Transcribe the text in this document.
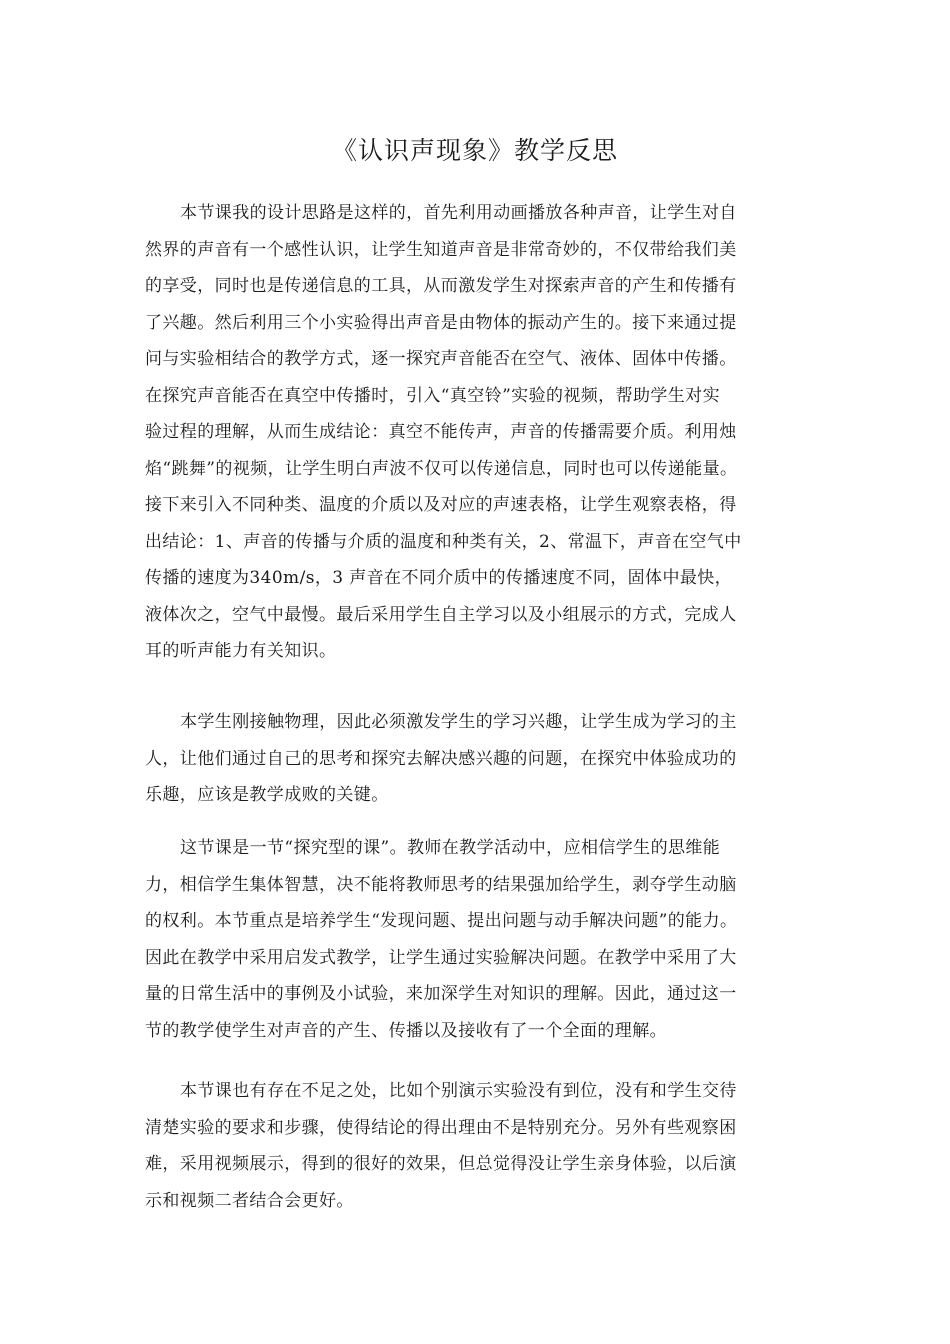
《认识声现象》教学反思

本节课我的设计思路是这样的，首先利用动画播放各种声音，让学生对自
然界的声音有一个感性认识，让学生知道声音是非常奇妙的，不仅带给我们美
的享受，同时也是传递信息的工具，从而激发学生对探索声音的产生和传播有
了兴趣。然后利用三个小实验得出声音是由物体的振动产生的。接下来通过提
问与实验相结合的教学方式，逐一探究声音能否在空气、液体、固体中传播。
在探究声音能否在真空中传播时，引入“真空铃”实验的视频，帮助学生对实
验过程的理解，从而生成结论：真空不能传声，声音的传播需要介质。利用烛
焰“跳舞”的视频，让学生明白声波不仅可以传递信息，同时也可以传递能量。
接下来引入不同种类、温度的介质以及对应的声速表格，让学生观察表格，得
出结论：1、声音的传播与介质的温度和种类有关，2、常温下，声音在空气中
传播的速度为340m/s，3 声音在不同介质中的传播速度不同，固体中最快，
液体次之，空气中最慢。最后采用学生自主学习以及小组展示的方式，完成人
耳的听声能力有关知识。

本学生刚接触物理，因此必须激发学生的学习兴趣，让学生成为学习的主
人，让他们通过自己的思考和探究去解决感兴趣的问题，在探究中体验成功的
乐趣，应该是教学成败的关键。

这节课是一节“探究型的课”。教师在教学活动中，应相信学生的思维能
力，相信学生集体智慧，决不能将教师思考的结果强加给学生，剥夺学生动脑
的权利。本节重点是培养学生“发现问题、提出问题与动手解决问题”的能力。
因此在教学中采用启发式教学，让学生通过实验解决问题。在教学中采用了大
量的日常生活中的事例及小试验，来加深学生对知识的理解。因此，通过这一
节的教学使学生对声音的产生、传播以及接收有了一个全面的理解。

本节课也有存在不足之处，比如个别演示实验没有到位，没有和学生交待
清楚实验的要求和步骤，使得结论的得出理由不是特别充分。另外有些观察困
难，采用视频展示，得到的很好的效果，但总觉得没让学生亲身体验，以后演
示和视频二者结合会更好。
